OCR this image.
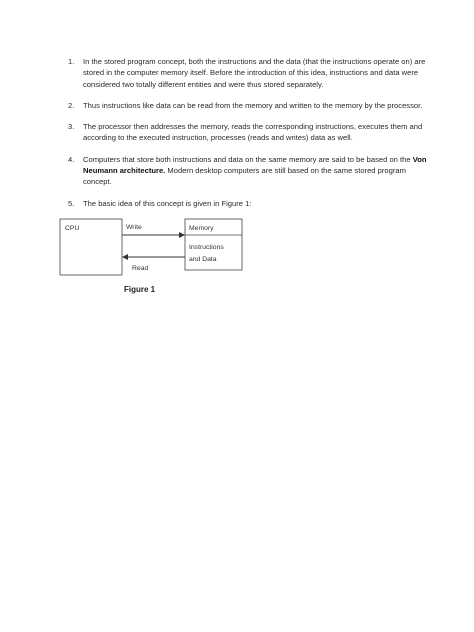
1. In the stored program concept, both the instructions and the data (that the instructions operate on) are stored in the computer memory itself. Before the introduction of this idea, instructions and data were considered two totally different entities and were thus stored separately.
2. Thus instructions like data can be read from the memory and written to the memory by the processor.
3. The processor then addresses the memory, reads the corresponding instructions, executes them and according to the executed instruction, processes (reads and writes) data as well.
4. Computers that store both instructions and data on the same memory are said to be based on the Von Neumann architecture. Modern desktop computers are still based on the same stored program concept.
5. The basic idea of this concept is given in Figure 1:
CPU	Memory
Instructions
and Data
Write
Read
Figure 1
